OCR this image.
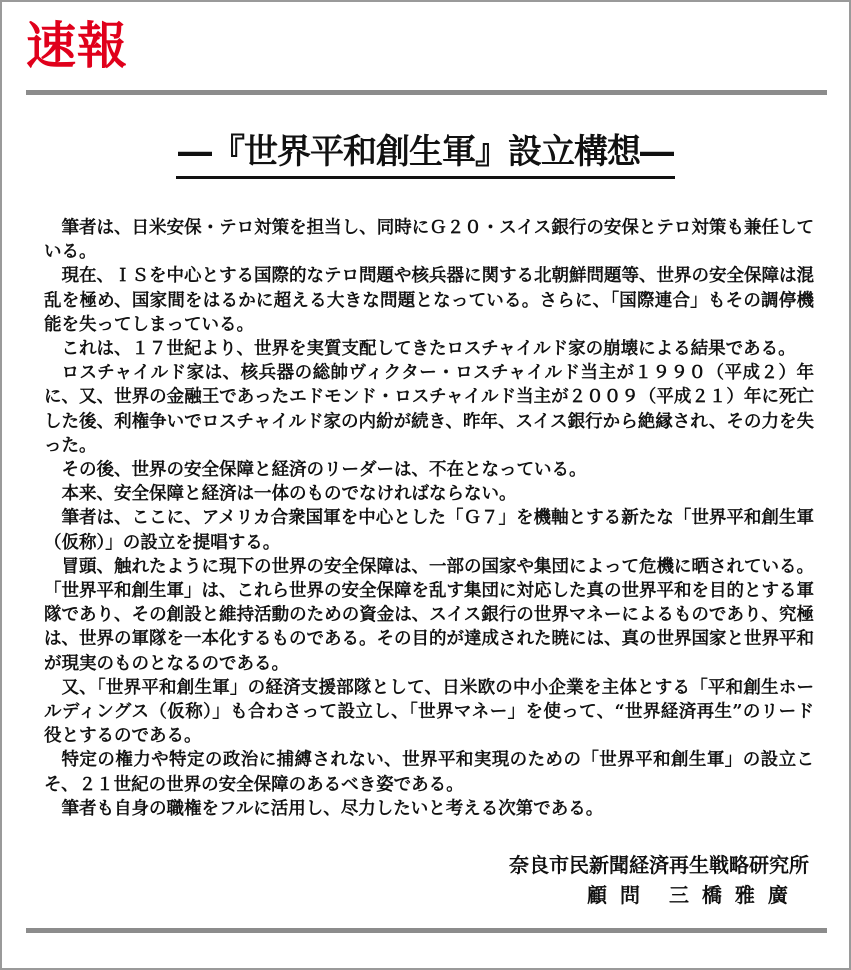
速報
―『世界平和創生軍』設立構想―

筆者は、日米安保・テロ対策を担当し、同時にＧ２０・スイス銀行の安保とテロ対策も兼任している。

現在、ＩＳを中心とする国際的なテロ問題や核兵器に関する北朝鮮問題等、世界の安全保障は混乱を極め、国家間をはるかに超える大きな問題となっている。さらに、「国際連合」もその調停機能を失ってしまっている。

これは、１７世紀より、世界を実質支配してきたロスチャイルド家の崩壊による結果である。

ロスチャイルド家は、核兵器の総帥ヴィクター・ロスチャイルド当主が１９９０（平成２）年に、又、世界の金融王であったエドモンド・ロスチャイルド当主が２００９（平成２１）年に死亡した後、利権争いでロスチャイルド家の内紛が続き、昨年、スイス銀行から絶縁され、その力を失った。

その後、世界の安全保障と経済のリーダーは、不在となっている。

本来、安全保障と経済は一体のものでなければならない。

筆者は、ここに、アメリカ合衆国軍を中心とした「Ｇ７」を機軸とする新たな「世界平和創生軍（仮称）」の設立を提唱する。

冒頭、触れたように現下の世界の安全保障は、一部の国家や集団によって危機に晒されている。「世界平和創生軍」は、これら世界の安全保障を乱す集団に対応した真の世界平和を目的とする軍隊であり、その創設と維持活動のための資金は、スイス銀行の世界マネーによるものであり、究極は、世界の軍隊を一本化するものである。その目的が達成された暁には、真の世界国家と世界平和が現実のものとなるのである。

又、「世界平和創生軍」の経済支援部隊として、日米欧の中小企業を主体とする「平和創生ホールディングス（仮称）」も合わさって設立し、「世界マネー」を使って、“世界経済再生”のリード役とするのである。

特定の権力や特定の政治に捕縛されない、世界平和実現のための「世界平和創生軍」の設立こそ、２１世紀の世界の安全保障のあるべき姿である。

筆者も自身の職権をフルに活用し、尽力したいと考える次第である。

奈良市民新聞経済再生戦略研究所
顧 問 三 橋 雅 廣
